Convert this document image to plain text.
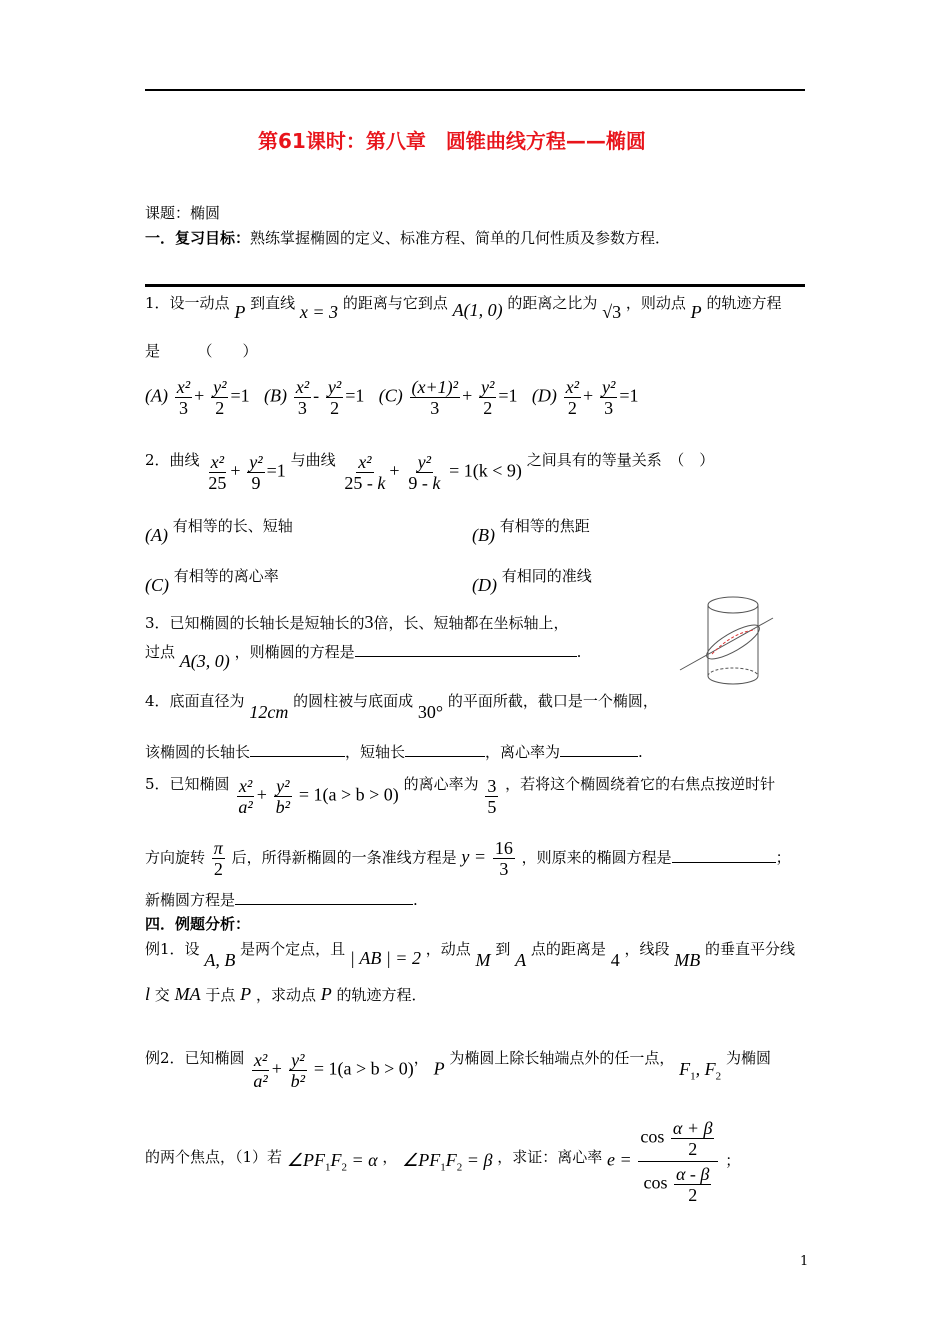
第61课时：第八章　圆锥曲线方程——椭圆
课题：椭圆
一．复习目标：熟练掌握椭圆的定义、标准方程、简单的几何性质及参数方程．
1．设一动点 P 到直线 x = 3 的距离与它到点 A(1, 0) 的距离之比为 √3 ，则动点 P 的轨迹方程
是　　　（　　）
$(A) \frac{\text{x²}}{3} + \frac{\text{y²}}{2} =1$ $(B) \frac{\text{x²}}{3} - \frac{\text{y²}}{2} =1$ $(C) \frac{\text{(x+1)²}}{3} + \frac{\text{y²}}{2} =1$ $(D) \frac{\text{x²}}{2} + \frac{\text{y²}}{3} =1$
2．曲线 $\frac{\text{x²}}{25} + \frac{\text{y²}}{9} =1$ 与曲线 $\frac{\text{x²}}{25 - k} + \frac{\text{y²}}{9 - k} = 1(k < 9)$ 之间具有的等量关系　（　）
(A) 有相等的长、短轴	(B) 有相等的焦距
(C) 有相等的离心率	(D) 有相同的准线
3．已知椭圆的长轴长是短轴长的3倍，长、短轴都在坐标轴上，
过点 A(3, 0) ，则椭圆的方程是	.
4．底面直径为 12cm 的圆柱被与底面成 30° 的平面所截，截口是一个椭圆，
该椭圆的长轴长	，短轴长	，离心率为	.
5．已知椭圆 $\frac{\text{x²}}{\text{a²}} + \frac{\text{y²}}{\text{b²}} = 1(a > b > 0)$ 的离心率为 $\frac{3}{5}$ ，若将这个椭圆绕着它的右焦点按逆时针
方向旋转 $\frac{\pi}{2}$ 后，所得新椭圆的一条准线方程是 $y = \frac{16}{3}$ ，则原来的椭圆方程是	；
新椭圆方程是	.
四．例题分析：
例1．设 A, B 是两个定点，且 | AB | = 2 ，动点 M 到 A 点的距离是 4 ，线段 MB 的垂直平分线
l 交 MA 于点 P ，求动点 P 的轨迹方程．
例2．已知椭圆 $\frac{\text{x²}}{\text{a²}} + \frac{\text{y²}}{\text{b²}} = 1(a > b > 0)$， P 为椭圆上除长轴端点外的任一点， $F_1$, $F_2$ 为椭圆
的两个焦点，（1）若 $\angle PF_1F_2 = \alpha$ ， $\angle PF_1F_2 = \beta$ ，求证：离心率 $e = \frac{\cos \frac{\alpha + \beta}{2}}{\cos \frac{\alpha - \beta}{2}}$ ；
1
